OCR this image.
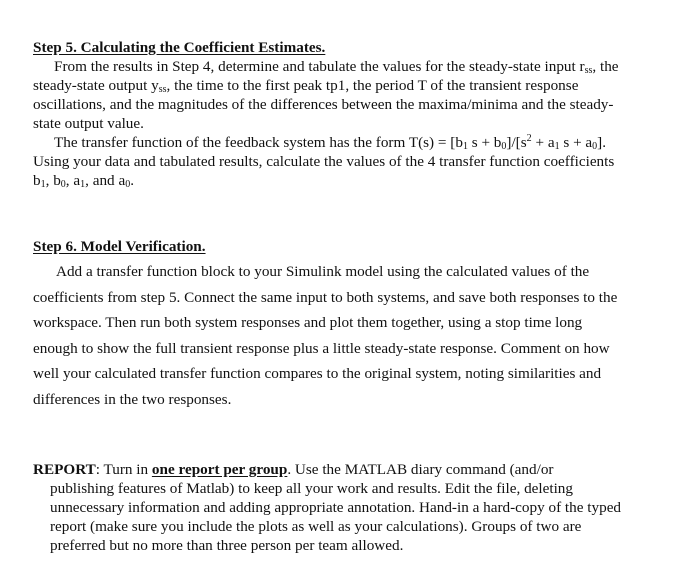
Step 5. Calculating the Coefficient Estimates.
From the results in Step 4, determine and tabulate the values for the steady-state input $r_{ss}$, the
steady-state output $y_{ss}$, the time to the first peak tp1, the period T of the transient response
oscillations, and the magnitudes of the differences between the maxima/minima and the steady-
state output value.
The transfer function of the feedback system has the form $T(s) = [b_1$ $s + b_0]/[s^2 + a_1$ $s + a_0$].
Using your data and tabulated results, calculate the values of the 4 transfer function coefficients
$b_1$, $b_0$, $a_1$, and $a_0$.
Step 6. Model Verification.
Add a transfer function block to your Simulink model using the calculated values of the
coefficients from step 5. Connect the same input to both systems, and save both responses to the
workspace. Then run both system responses and plot them together, using a stop time long
enough to show the full transient response plus a little steady-state response. Comment on how
well your calculated transfer function compares to the original system, noting similarities and
differences in the two responses.
REPORT: Turn in one report per group. Use the MATLAB diary command (and/or
publishing features of Matlab) to keep all your work and results. Edit the file, deleting
unnecessary information and adding appropriate annotation. Hand-in a hard-copy of the typed
report (make sure you include the plots as well as your calculations). Groups of two are
preferred but no more than three person per team allowed.
